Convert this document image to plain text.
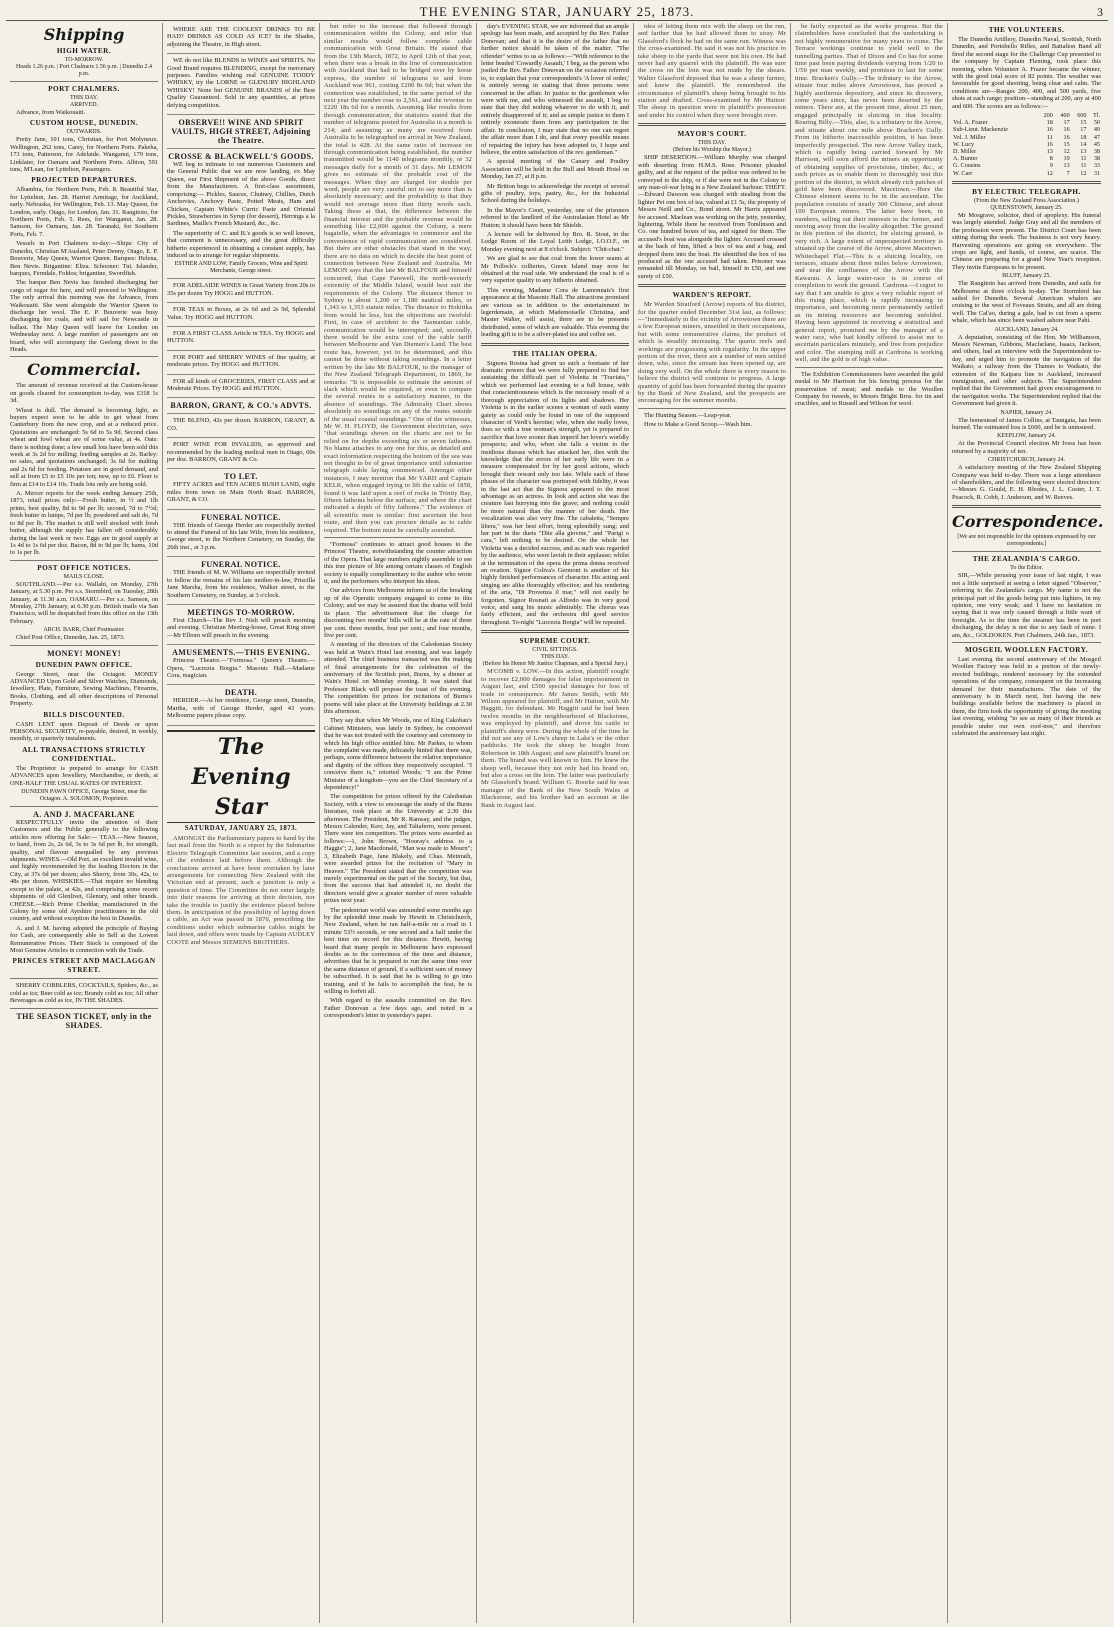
THE EVENING STAR, JANUARY 25, 1873.	3
Shipping
HIGH WATER.
TO-MORROW.
Heads 1.26 p.m. | Port Chalmers 1.56 p.m. | Dunedin 2.4 p.m.
PORT CHALMERS.
THIS DAY.
ARRIVED.
Advance, from Waikouaiti.
CUSTOM HOUSE, DUNEDIN.
OUTWARDS.
Pretty Jane, 101 tons, Christian, for Port Molyneux. Wellington, 262 tons, Carey, for Northern Ports. Pakeha, 173 tons, Patterson, for Adelaide. Wanganui, 179 tons, Linklater, for Oamaru and Northern Ports. Albion, 591 tons, M'Lean, for Lyttelton, Passengers.
PROJECTED DEPARTURES.
Albambra, for Northern Ports, Feb. 8. Beautiful Star, for Lyttelton, Jan. 28. Harriet Armitage, for Auckland, early. Nebraska, for Wellington, Feb. 13. May Queen, for London, early. Otago, for London, Jan. 31. Rangitoto, for Northern Ports, Feb. 5. Rees, for Wanganui, Jan. 28. Samson, for Oamaru, Jan. 28. Taranaki, for Southern Ports, Feb. 7.
Vessels in Port Chalmers to-day:—Ships: City of Dunedin, Christian M'Ausland, Peter Denny, Otago, E. P. Bouverie, May Queen, Warrior Queen. Barques: Helena, Ben Nevis. Brigantine: Eliza. Schooner: Tui. Islander, barques, Ferndale, Foldos; brigantine, Swordfish.
The barque Ben Nevis has finished discharging her cargo of sugar for here, and will proceed to Wellington. The only arrival this morning was the Advance, from Waikouaiti. She went alongside the Warrior Queen to discharge her wool. The E. P. Bouverie was busy discharging her coals, and will sail for Newcastle in ballast. The May Queen will leave for London on Wednesday next. A large number of passengers are on board, who will accompany the Geelong down to the Heads.
Commercial.
The amount of revenue received at the Custom-house on goods cleared for consumption to-day, was £318 1s 3d.
Wheat is dull. The demand is becoming light, as buyers expect soon to be able to get wheat from Canterbury from the new crop, and at a reduced price. Quotations are unchanged: 5s 6d to 5s 9d. Second class wheat and fowl wheat are of some value, at 4s. Oats: there is nothing done; a few small lots have been sold this week at 3s 2d for milling; feeding samples at 2s. Barley: no sales, and quotations unchanged; 3s 6d for malting and 2s 6d for feeding. Potatoes are in good demand, and sell at from £5 to £5 10s per ton; new, up to £6. Flour is firm at £14 to £14 10s. Trade lots only are being sold.
A. Mercer reports for the week ending January 25th, 1873, retail prices only:—Fresh butter, in ½ and 1lb prints, best quality, 8d to 9d per lb; second, 7d to 7½d; fresh butter in lumps, 7d per lb; powdered and salt do, 7d to 8d per lb. The market is still well stocked with fresh butter, although the supply has fallen off considerably during the last week or two. Eggs are in good supply at 1s 4d to 1s 6d per doz. Bacon, 8d to 9d per lb; hams, 10d to 1s per lb.
POST OFFICE NOTICES.
MAILS CLOSE.
SOUTHLAND.—Per s.s. Wallabi, on Monday, 27th January, at 5.30 p.m. Per s.s. Stormbird, on Tuesday, 28th January, at 11.30 a.m. OAMARU.—Per s.s. Samson, on Monday, 27th January, at 6.30 p.m. British mails via San Francisco, will be despatched from this office on the 13th February.
ARCH. BARR, Chief Postmaster.
Chief Post Office, Dunedin, Jan. 25, 1873.
MONEY! MONEY!
DUNEDIN PAWN OFFICE.
George Street, near the Octagon. MONEY ADVANCED Upon Gold and Silver Watches, Diamonds, Jewellery, Plate, Furniture, Sewing Machines, Firearms, Books, Clothing, and all other descriptions of Personal Property.
BILLS DISCOUNTED.
CASH LENT upon Deposit of Deeds or upon PERSONAL SECURITY, re-payable, desired, in weekly, monthly, or quarterly instalments.
ALL TRANSACTIONS STRICTLY CONFIDENTIAL.
The Proprietor is prepared to arrange for CASH ADVANCES upon Jewellery, Merchandise, or deeds, at ONE-HALF THE USUAL RATES OF INTEREST.
DUNEDIN PAWN OFFICE, George Street, near the Octagon. A. SOLOMON, Proprietor.
A. AND J. MACFARLANE
RESPECTFULLY invite the attention of their Customers and the Public generally to the following articles now offering for Sale:— TEAS.—New Season, to hand, from 2s, 2s 6d, 3s to 3s 6d per lb, for strength, quality, and flavour unequalled by any previous shipments. WINES.—Old Port, an excellent invalid wine, and highly recommended by the leading Doctors in the City, at 37s 6d per dozen; also Sherry, from 30s, 42s, to 48s per dozen. WHISKIES.—That require no blending except to the palate, at 42s, and comprising some recent shipments of old Glenlivet, Glenury, and other brands. CHEESE.—Rich Prime Cheddar, manufactured in the Colony by some old Ayrshire practitioners in the old country, and without exception the best in Dunedin.
A. and J. M. having adopted the principle of Buying for Cash, are consequently able to Sell at the Lowest Remunerative Prices. Their Stock is composed of the Most Genuine Articles in connection with the Trade.
PRINCES STREET AND MACLAGGAN STREET.
SHERRY COBBLERS, COCKTAILS, Spiders, &c., as cold as ice; Beer cold as ice; Brandy cold as ice; All other Beverages as cold as ice, IN THE SHADES.
THE SEASON TICKET, only in the SHADES.
WHERE ARE THE COOLEST DRINKS TO BE HAD? DRINKS AS COLD AS ICE? In the Shades, adjoining the Theatre, in High street.
WE do not like BLENDS in WINES and SPIRITS. No Good Brand requires BLENDING, except for mercenary purposes. Families wishing real GENUINE TODDY WHISKY, try the LORNE or GLENURY HIGHLAND WHISKY! None but GENUINE BRANDS of the Best Quality Guaranteed. Sold in any quantities, at prices defying competition.
OBSERVE!! WINE AND SPIRIT VAULTS, HIGH STREET, Adjoining the Theatre.
CROSSE & BLACKWELL'S GOODS.
WE beg to intimate to our numerous Customers and the General Public that we are now landing, ex May Queen, our First Shipment of the above Goods, direct from the Manufacturers. A first-class assortment, comprising:— Pickles, Sauces, Chutney, Chillies, Dutch Anchovies, Anchovy Paste, Potted Meats, Ham and Chicken, Captain White's Curric Paste and Oriental Pickles, Strawberries in Syrup (for dessert), Herrings a la Sardines, Maille's French Mustard, &c., &c.
The superiority of C. and B.'s goods is so well known, that comment is unnecessary, and the great difficulty hitherto experienced in obtaining a constant supply, has induced us to arrange for regular shipments.
ESTHER AND LOW, Family Grocers, Wine and Spirit Merchants, George street.
FOR ADELAIDE WINES in Great Variety from 20s to 35s per dozen Try HOGG and HUTTON.
FOR TEAS in Boxes, at 2s 6d and 2s 9d, Splendid Value. Try HOGG and HUTTON.
FOR A FIRST CLASS Article in TEA. Try HOGG and HUTTON.
FOR PORT and SHERRY WINES of fine quality, at moderate prices. Try HOGG and HUTTON.
FOR all kinds of GROCERIES, FIRST CLASS and at Moderate Prices. Try HOGG and HUTTON.
BARRON, GRANT, & CO.'s ADVTS.
THE BLEND, 42s per dozen. BARRON, GRANT, & CO.
PORT WINE FOR INVALIDS, as approved and recommended by the leading medical men in Otago, 60s per doz. BARRON, GRANT & Co.
TO LET.
FIFTY ACRES and TEN ACRES BUSH LAND, eight miles from town on Main North Road. BARRON, GRANT, & CO.
FUNERAL NOTICE.
THE friends of George Herder are respectfully invited to attend the Funeral of his late Wife, from his residence, George street, to the Northern Cemetery, on Sunday, the 26th inst., at 3 p.m.
FUNERAL NOTICE.
THE friends of M. W. Williams are respectfully invited to follow the remains of his late mother-in-law, Priscilla Jane Marsha, from his residence, Walker street, to the Southern Cemetery, on Sunday, at 3 o'clock.
MEETINGS TO-MORROW.
First Church—The Rev J. Nish will preach morning and evening. Christian Meeting-house, Great King street—Mr Elborn will preach in the evening.
AMUSEMENTS.—THIS EVENING.
Princess Theatre.—"Formosa." Queen's Theatre.—Opera, "Lucrezia Borgia." Masonic Hall.—Madame Cora, magician.
DEATH.
HERDER.—At her residence, George street, Dunedin, Martha, wife of George Herder, aged 43 years. Melbourne papers please copy.
The Evening Star
SATURDAY, JANUARY 25, 1873.
AMONGST the Parliamentary papers to hand by the last mail from the North is a report by the Submarine Electric Telegraph Committee last session, and a copy of the evidence laid before them. Although the conclusions arrived at have been overtaken by later arrangements for connecting New Zealand with the Victorian end at present, such a junction is only a question of time. The Committee do not enter largely into their reasons for arriving at their decision, nor take the trouble to justify the evidence placed before them. In anticipation of the possibility of laying down a cable, an Act was passed in 1870, prescribing the conditions under which submarine cables might be laid down, and offers were made by Captain AUDLEY COOTE and Messrs SIEMENS BROTHERS.
but refer to the increase that followed through communication within the Colony, and infer that similar results would follow complete cable communication with Great Britain. He stated that from the 13th March, 1872, to April 12th of that year, when there was a break in the line of communication with Auckland that had to be bridged over by horse express, the number of telegrams to and from Auckland was 961, costing £200 8s 6d; but when the connection was established, in the same period of the next year the number rose to 2,561, and the revenue to £220 18s 6d for a month. Assuming like results from through communication, the statistics stated that the number of telegrams posted for Australia in a month is 214; and assuming as many are received from Australia to be telegraphed on arrival in New Zealand, the total is 428. At the same ratio of increase on through communication being established, the number transmitted would be 1140 telegrams monthly, or 32 messages daily for a month of 31 days. Mr LEMON gives no estimate of the probable cost of the messages. When they are charged for double per word, people are very careful not to say more than is absolutely necessary; and the probability is that they would not average more than thirty words each. Taking these at that, the difference between the financial interest and the probable revenue would be something like £2,000 against the Colony, a mere bagatelle, when the advantages to commerce and the convenience of rapid communication are considered. But there are other obstacles that stand in the way; there are no data on which to decide the best point of connection between New Zealand and Australia. Mr LEMON says that the late Mr BALFOUR and himself concurred, that Cape Farewell, the north-westerly extremity of the Middle Island, would best suit the requirements of the Colony. The distance thence to Sydney is about 1,200 or 1,180 nautical miles, or 1,343 to 1,353 statute miles. The distance to Hokitika from would be less, but the objections are twofold: First, in case of accident to the Tasmanian cable, communication would be interrupted; and, secondly, there would be the extra cost of the cable tariff between Melbourne and Van Diemen's Land. The best route has, however, yet to be determined, and this cannot be done without taking soundings. In a letter written by the late Mr BALFOUR, to the manager of the New Zealand Telegraph Department, in 1869, he remarks: "It is impossible to estimate the amount of slack which would be required, or even to compare the several routes in a satisfactory manner, in the absence of soundings. The Admiralty Chart shows absolutely no soundings on any of the routes outside of the usual coastal soundings." One of the witnesses, Mr W. H. FLOYD, the Government electrician, says "that soundings shown on the charts are not to be relied on for depths exceeding six or seven fathoms. No blame attaches to any one for this, as detailed and exact information respecting the bottom of the sea was not thought to be of great importance until submarine telegraph cable laying commenced. Amongst other instances, I may mention that Mr YARD and Captain KELK, when engaged trying to lift the cable of 1858, found it was laid upon a reef of rocks in Trinity Bay, fifteen fathoms below the surface, and where the chart indicated a depth of fifty fathoms." The evidence of all scientific men is similar: first ascertain the best route, and then you can procure details as to cable required. The bottom must be carefully sounded.
"Formosa" continues to attract good houses to the Princess' Theatre, notwithstanding the counter attraction of the Opera. That large numbers nightly assemble to see this true picture of life among certain classes of English society is equally complimentary to the author who wrote it, and the performers who interpret his ideas.
Our advices from Melbourne inform us of the breaking up of the Operatic company engaged to come to this Colony; and we may be assured that the drama will hold its place. The advertisement that the charge for discounting two months' bills will be at the rate of three per cent. three months, four per cent.; and four months, five per cent.
A meeting of the directors of the Caledonian Society was held at Wain's Hotel last evening, and was largely attended. The chief business transacted was the making of final arrangements for the celebration of the anniversary of the Scottish poet, Burns, by a dinner at Wain's Hotel on Monday evening. It was stated that Professor Black will propose the toast of the evening. The competition for prizes for recitations of Burns's poems will take place at the University buildings at 2.30 this afternoon.
They say that when Mr Woods, one of King Cakobau's Cabinet Ministers, was lately in Sydney, he conceived that he was not treated with the courtesy and ceremony to which his high office entitled him. Mr Parkes, to whom the complaint was made, delicately hinted that there was, perhaps, some difference between the relative importance and dignity of the offices they respectively occupied. "I conceive there is," retorted Woods; "I am the Prime Minister of a kingdom—you are the Chief Secretary of a dependency!"
The competition for prizes offered by the Caledonian Society, with a view to encourage the study of the Burns literature, took place at the University at 2.30 this afternoon. The President, Mr R. Ramsay, and the judges, Messrs Calender, Kerr, Jay, and Taliaferro, were present. There were ten competitors. The prizes were awarded as follows:—1, John Brown, "Hooray's address to a Haggis"; 2, Jane Macdonald, "Man was made to Mourn"; 3, Elizabeth Page, Jane Blakely, and Chas. Meinrath, were awarded prizes for the recitation of "Mary in Heaven." The President stated that the competition was merely experimental on the part of the Society, but that, from the success that had attended it, no doubt the directors would give a greater number of more valuable prizes next year.
The pedestrian world was astounded some months ago by the splendid time made by Hewitt in Christchurch, New Zealand, when he ran half-a-mile on a road in 1 minute 53½ seconds, or one second and a half under the best time on record for this distance. Hewitt, having heard that many people in Melbourne have expressed doubts as to the correctness of the time and distance, advertises that he is prepared to run the same time over the same distance of ground, if a sufficient sum of money be subscribed. It is said that he is willing to go into training, and if he fails to accomplish the feat, he is willing to forfeit all.
With regard to the assaults committed on the Rev. Father Donovan a few days ago, and noted in a correspondent's letter in yesterday's paper.
day's EVENING STAR, we are informed that an ample apology has been made, and accepted by the Rev. Father Donovan; and that it is the desire of the father that no further notice should be taken of the matter. "The offender" writes to us as follows:—"With reference to the letter headed 'Cowardly Assault,' I beg, as the person who jostled the Rev. Father Donovan on the occasion referred to, to explain that your correspondent's 'A lover of order,' is entirely wrong in stating that three persons were concerned in the affair. In justice to the gentlemen who were with me, and who witnessed the assault, I beg to state that they did nothing whatever to do with it, and entirely disapproved of it; and as simple justice to them I entirely exonerate them from any participation in the affair. In conclusion, I may state that no one can regret the affair more than I do, and that every possible means of repairing the injury has been adopted to, I hope and believe, the entire satisfaction of the rev. gentleman."
A special meeting of the Canary and Poultry Association will be held in the Bull and Mouth Hotel on Monday, Jan 27, at 8 p.m.
Mr Britton begs to acknowledge the receipt of several gifts of poultry, toys, pastry, &c., for the Industrial School during the holidays.
In the Mayor's Court, yesterday, one of the prisoners referred to the landlord of the Australasian Hotel as Mr Hutton; it should have been Mr Shields.
A lecture will be delivered by Bro. R. Stout, in the Lodge Room of the Loyal Leith Lodge, I.O.O.F., on Monday evening next at 8 o'clock. Subject: "Chit-chat."
We are glad to see that coal from the lower seams at Mr Pollock's collieries, Green Island may now be obtained at the road side. We understand the coal is of a very superior quality to any hitherto obtained.
This evening, Madame Cora de Lamonnais's first appearance at the Masonic Hall. The attractions promised are various as in addition to the entertainment in legerdemain, at which Mademoiselle Christina, and Master Walter, will assist, there are to be presents distributed, some of which are valuable. This evening the leading gift is to be a silver-plated tea and coffee set.
THE ITALIAN OPERA.
Signora Rosina had given us such a foretaste of her dramatic powers that we were fully prepared to find her sustaining the difficult part of Violetta in "Traviata," which we performed last evening to a full house, with that conscientiousness which is the necessary result of a thorough appreciation of its lights and shadows. Her Violetta is in the earlier scenes a woman of such sunny gaiety as could only be found in one of the supposed character of Verdi's heroine; who, when she really loves, does so with a true woman's strength, yet is prepared to sacrifice that love sooner than imperil her lover's worldly prospects; and who, when she falls a victim to the insidious disease which has attacked her, dies with the knowledge that the errors of her early life were in a measure compensated for by her good actions, which brought their reward only too late. While each of these phases of the character was portrayed with fidelity, it was in the last act that the Signora appeared to the most advantage as an actress. In look and action she was the creature fast hurrying into the grave; and nothing could be more natural than the manner of her death. Her vocalization was also very fine. The cabaletta, "Sempre libera," was her best effort, being splendidly sung; and her part in the duets "Dite alla giovine," and "Parigi o cara," left nothing to be desired. On the whole her Violetta was a decided success, and as such was regarded by the audience, who were lavish in their applause; whilst at the termination of the opera the prima donna received an ovation. Signor Coliva's Germont is another of his highly finished performances of character. His acting and singing are alike thoroughly effective; and his rendering of the aria, "Di Provenza il mar," will not easily be forgotten. Signor Rosnati as Alfredo was in very good voice, and sang his music admirably. The chorus was fairly efficient, and the orchestra did good service throughout. To-night "Lucrezia Borgia" will be repeated.
SUPREME COURT.
CIVIL SITTINGS.
THIS DAY.
(Before his Honor Mr Justice Chapman, and a Special Jury.)
M'COMB v. LOW.—In this action, plaintiff sought to recover £2,000 damages for false imprisonment in August last, and £500 special damages for loss of trade in consequence. Mr James Smith, with Mr Wilson appeared for plaintiff, and Mr Hutton, with Mr Haggitt, for defendant. Mr Haggitt said he had been twelve months in the neighbourhood of Blackstone, was employed by plaintiff, and drove his cattle to plaintiff's sheep were. During the whole of the time he did not see any of Low's sheep in Lake's or the other paddocks. He took the sheep he bought from Robertson in 18th August; and saw plaintiff's brand on them. The brand was well known to him. He knew the sheep well, because they not only had his brand on, but also a cross on the loin. The latter was particularly Mr Glassford's brand. William G. Boorke said he was manager of the Bank of the New South Wales at Blackstone, and his brother had an account at the Bank in August last.
idea of letting them mix with the sheep on the run, and farther that he had allowed them to stray. Mr Glassford's flock he had on the same run. Witness was the cross-examined. He said it was not his practice to take sheep to the yards that were not his own. He had never had any quarrel with the plaintiff. He was sure the cross on the loin was not made by the shears. Walter Glassford deposed that he was a sheep farmer, and knew the plaintiff. He remembered the circumstance of plaintiff's sheep being brought to his station and drafted. Cross-examined by Mr Hutton: The sheep in question were in plaintiff's possession and under his control when they were brought over.
MAYOR'S COURT.
THIS DAY.
(Before his Worship the Mayor.)
SHIP DESERTION.—William Murphy was charged with deserting from H.M.S. Rose. Prisoner pleaded guilty, and at the request of the police was ordered to be conveyed to the ship, or if she were not in the Colony to any man-of-war lying in a New Zealand harbour. THEFT.—Edward Dawson was charged with stealing from the lighter Pet one box of tea, valued at £1 5s, the property of Messrs Neill and Co., Bond street. Mr Harris appeared for accused. Maclean was working on the jetty, yesterday, lightering. While there he received from Tomlinson and Co. one hundred boxes of tea, and signed for them. The accused's boat was alongside the lighter. Accused crossed at the back of him, lifted a box of tea and a bag, and dropped them into the boat. He identified the box of tea produced as the one accused had taken. Prisoner was remanded till Monday, on bail, himself in £50, and one surety of £50.
WARDEN'S REPORT.
Mr Warden Stratford (Arrow) reports of his district, for the quarter ended December 31st last, as follows:—"Immediately in the vicinity of Arrowtown there are a few European miners, unsettled in their occupations, but with some remunerative claims, the product of which is steadily increasing. The quartz reefs and workings are progressing with regularity. In the upper portion of the river, there are a number of men settled down, who, since the stream has been opened up, are doing very well. On the whole there is every reason to believe the district will continue to progress. A large quantity of gold has been forwarded during the quarter by the Bank of New Zealand, and the prospects are encouraging for the summer months.
The Hunting Season.—Leap-year.
How to Make a Good Scoop.—Wash him.
be fairly expected as the works progress. But the claimholders have concluded that the undertaking is not highly remunerative for many years to come. The Terrace workings continue to yield well to the tunnelling parties. That of Dixon and Co has for some time past been paying dividends varying from 1/20 to 1/50 per man weekly, and promises to last for some time. Bracken's Gully.—The tributary to the Arrow, situate four miles above Arrowtown, has proved a highly auriferous depository, and since its discovery, some years since, has never been deserted by the miners. There are, at the present time, about 25 men, engaged principally in sluicing in that locality. Roaring Billy.—This, also, is a tributary to the Arrow, and situate about one mile above Bracken's Gully. From its hitherto inaccessible position, it has been imperfectly prospected. The new Arrow Valley track, which is rapidly being carried forward by Mr Harrison, will soon afford the miners an opportunity of obtaining supplies of provisions, timber, &c., at such prices as to enable them to thoroughly test this portion of the district, in which already rich patches of gold have been discovered. Macetown.—Here the Chinese element seems to be in the ascendant. The population consists of nearly 300 Chinese, and about 100 European miners. The latter have been, in numbers, selling out their interests to the former, and moving away from the locality altogether. The ground in this portion of the district, for sluicing ground, is very rich. A large extent of unprospected territory is situated up the course of the Arrow, above Macetown. Whitechapel Flat.—This is a sluicing locality, on terraces, situate about three miles below Arrowtown, and near the confluence of the Arrow with the Kawarau. A large water-race is in course of completion to work the ground. Cardrona.—I regret to say that I am unable to give a very reliable report of this rising place, which is rapidly increasing in importance, and becoming more permanently settled as its mining resources are becoming unfolded. Having been appointed in receiving a statistical and general report, promised me by the manager of a water race, who had kindly offered to assist me to ascertain particulars minutely, and free from prejudice and color. The stamping mill at Cardrona is working well, and the gold is of high value.
The Exhibition Commissioners have awarded the gold medal to Mr Harrison for his fencing process for the preservation of meat; and medals to the Woollen Company for tweeds, to Messrs Bright Bros. for tin and crucibles, and to Russell and Wilson for wool.
THE VOLUNTEERS.
The Dunedin Artillery, Dunedin Naval, Scottish, North Dunedin, and Portobello Rifles, and Battalion Band all fired the second stage for the Challenge Cup presented to the company by Captain Fleming, took place this morning, when Volunteer A. Frazer became the winner, with the good total score of 82 points. The weather was favourable for good shooting, being clear and calm. The conditions are—Ranges 200, 400, and 500 yards, five shots at each range; position—standing at 200, any at 400 and 600. The scores are as follows:—
	200	400	600	Tl.
Vol. A. Frazer	18	17	15	50
Sub-Lieut. Mackenzie	16	16	17	49
Vol. J. Miller	11	16	18	47
W. Lucy	16	15	14	45
D. Miller	13	12	13	38
A. Bunter	8	19	11	38
G. Cousins	9	13	11	33
W. Carr	12	7	12	31
BY ELECTRIC TELEGRAPH.
(From the New Zealand Press Association.)
QUEENSTOWN, January 25.
Mr Mosgrave, solicitor, died of apoplexy. His funeral was largely attended. Judge Gray and all the members of the profession were present. The District Court has been sitting during the week. The business is not very heavy. Harvesting operations are going on everywhere. The crops are light, and hands, of course, are scarce. The Chinese are preparing for a grand New Year's reception. They invite Europeans to be present.
BLUFF, January 25.
The Rangitoto has arrived from Dunedin, and sails for Melbourne at three o'clock to-day. The Stormbird has sailed for Dunedin. Several American whalers are cruising to the west of Foveaux Straits, and all are doing well. The Cal'ao, during a gale, had to cut from a sperm whale, which has since been washed ashore near Pahi.
AUCKLAND, January 24.
A deputation, consisting of the Hon. Mr Williamson, Messrs Newman, Gibbons, Macfarlane, Isaacs, Jackson, and others, had an interview with the Superintendent to-day, and urged him to promote the navigation of the Waikato, a railway from the Thames to Waikato, the extension of the Kaipara line to Auckland, increased immigration, and other subjects. The Superintendent replied that the Government had given encouragement to the navigation works. The Superintendent replied that the Government had given it.
NAPIER, January 24.
The homestead of James Collins, at Taungata, has been burned. The estimated loss is £600, and he is uninsured.
KEEPLOW, January 24.
At the Provincial Council election Mr Ivess has been returned by a majority of ten.
CHRISTCHURCH, January 24.
A satisfactory meeting of the New Zealand Shipping Company was held to-day. There was a large attendance of shareholders, and the following were elected directors:—Messrs G. Gould, E. H. Rhodes, J. L. Coster, J. T. Peacock, R. Cobb, J. Anderson, and W. Reeves.
Correspondence.
[We are not responsible for the opinions expressed by our correspondents.]
THE ZEALANDIA'S CARGO.
To the Editor.
SIR,—While perusing your issue of last night, I was not a little surprised at seeing a letter signed "Observer," referring to the Zealandia's cargo. My name is not the principal part of the goods being put into lighters, in my opinion, one very weak; and I have no hesitation in saying that it was only caused through a little want of foresight. As to the time the steamer has been in port discharging, the delay is not due to any fault of mine. I am, &c., GOLDOKEN. Port Chalmers, 24th Jan., 1873.
MOSGEIL WOOLLEN FACTORY.
Last evening the second anniversary of the Mosgeil Woollen Factory was held in a portion of the newly-erected buildings, rendered necessary by the extended operations of the company, consequent on the increasing demand for their manufactures. The date of the anniversary is in March next, but having the new buildings available before the machinery is placed in them, the firm took the opportunity of giving the meeting last evening, wishing "to see as many of their friends as possible under our own roof-tree," and therefore celebrated the anniversary last night.
